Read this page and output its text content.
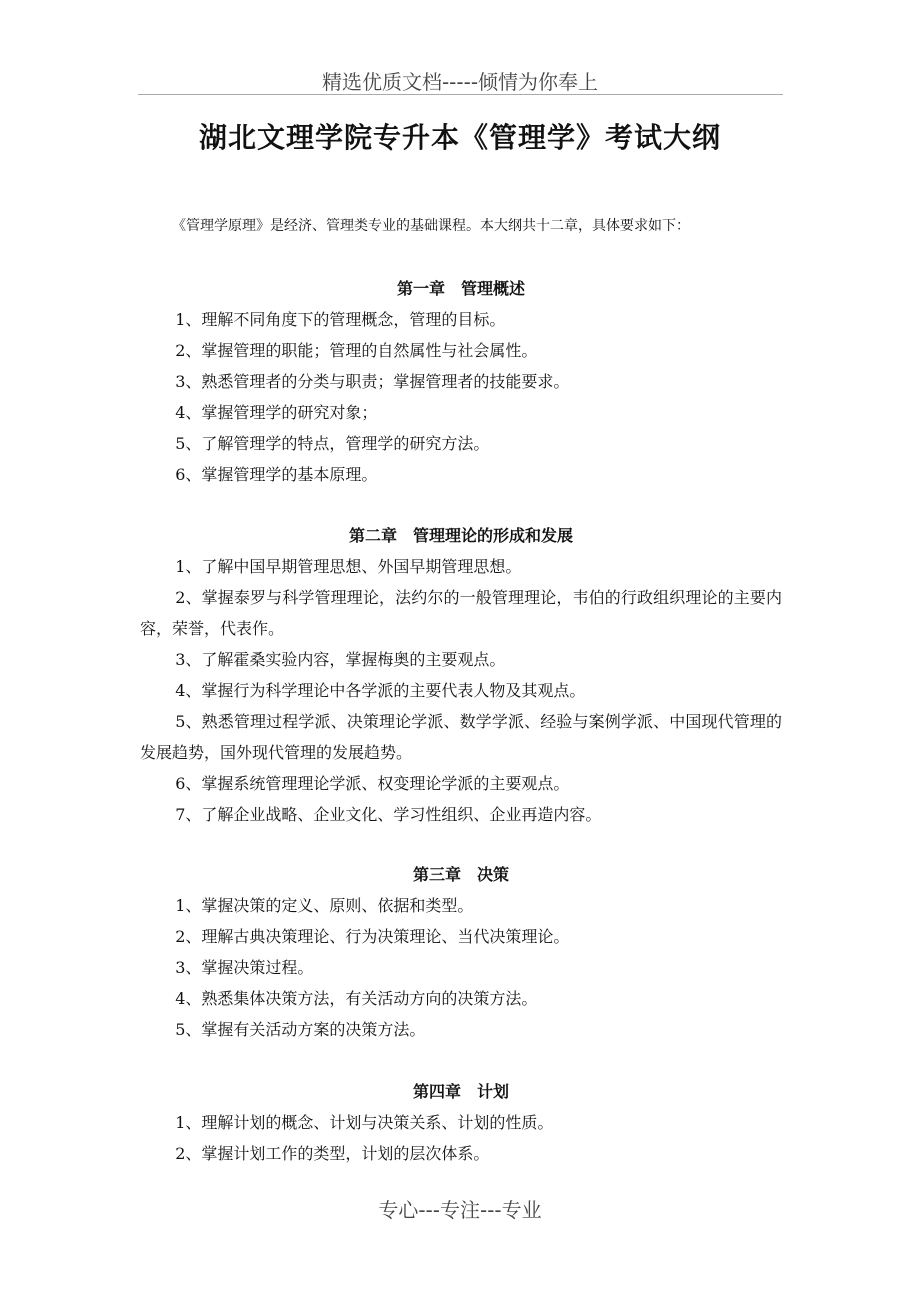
精选优质文档-----倾情为你奉上
湖北文理学院专升本《管理学》考试大纲
《管理学原理》是经济、管理类专业的基础课程。本大纲共十二章，具体要求如下：
第一章　管理概述

1、理解不同角度下的管理概念，管理的目标。

2、掌握管理的职能；管理的自然属性与社会属性。

3、熟悉管理者的分类与职责；掌握管理者的技能要求。

4、掌握管理学的研究对象；

5、了解管理学的特点，管理学的研究方法。

6、掌握管理学的基本原理。

第二章　管理理论的形成和发展

1、了解中国早期管理思想、外国早期管理思想。

2、掌握泰罗与科学管理理论，法约尔的一般管理理论，韦伯的行政组织理论的主要内容，荣誉，代表作。

3、了解霍桑实验内容，掌握梅奥的主要观点。

4、掌握行为科学理论中各学派的主要代表人物及其观点。

5、熟悉管理过程学派、决策理论学派、数学学派、经验与案例学派、中国现代管理的发展趋势，国外现代管理的发展趋势。

6、掌握系统管理理论学派、权变理论学派的主要观点。

7、了解企业战略、企业文化、学习性组织、企业再造内容。

第三章　决策

1、掌握决策的定义、原则、依据和类型。

2、理解古典决策理论、行为决策理论、当代决策理论。

3、掌握决策过程。

4、熟悉集体决策方法，有关活动方向的决策方法。

5、掌握有关活动方案的决策方法。

第四章　计划

1、理解计划的概念、计划与决策关系、计划的性质。

2、掌握计划工作的类型，计划的层次体系。

专心---专注---专业
